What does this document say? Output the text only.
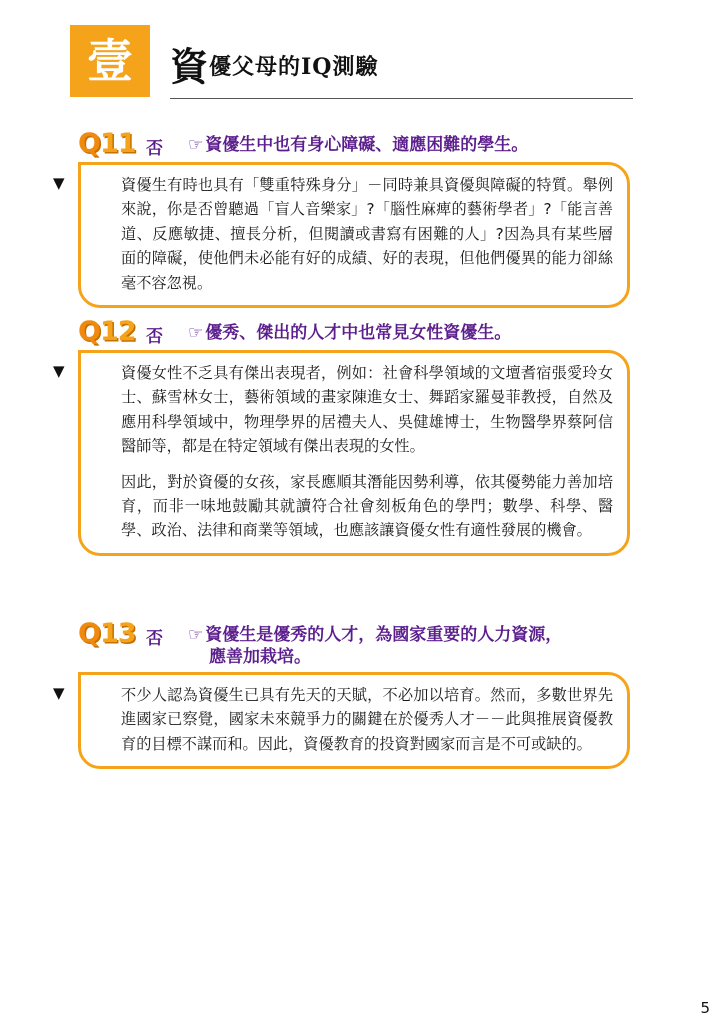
壹 資優父母的IQ測驗
Q11 否 ☞ 資優生中也有身心障礙、適應困難的學生。
▼	資優生有時也具有「雙重特殊身分」－同時兼具資優與障礙的特質。舉例來說，你是否曾聽過「盲人音樂家」?「腦性麻痺的藝術學者」?「能言善道、反應敏捷、擅長分析，但閱讀或書寫有困難的人」?因為具有某些層面的障礙，使他們未必能有好的成績、好的表現，但他們優異的能力卻絲毫不容忽視。

Q12 否 ☞ 優秀、傑出的人才中也常見女性資優生。
▼	資優女性不乏具有傑出表現者，例如：社會科學領域的文壇耆宿張愛玲女士、蘇雪林女士，藝術領域的畫家陳進女士、舞蹈家羅曼菲教授，自然及應用科學領域中，物理學界的居禮夫人、吳健雄博士，生物醫學界蔡阿信醫師等，都是在特定領域有傑出表現的女性。

因此，對於資優的女孩，家長應順其潛能因勢利導，依其優勢能力善加培育，而非一味地鼓勵其就讀符合社會刻板角色的學門；數學、科學、醫學、政治、法律和商業等領域，也應該讓資優女性有適性發展的機會。

Q13 否 ☞ 資優生是優秀的人才，為國家重要的人力資源，
應善加栽培。
▼	不少人認為資優生已具有先天的天賦，不必加以培育。然而，多數世界先進國家已察覺，國家未來競爭力的關鍵在於優秀人才－－此與推展資優教育的目標不謀而和。因此，資優教育的投資對國家而言是不可或缺的。

5
